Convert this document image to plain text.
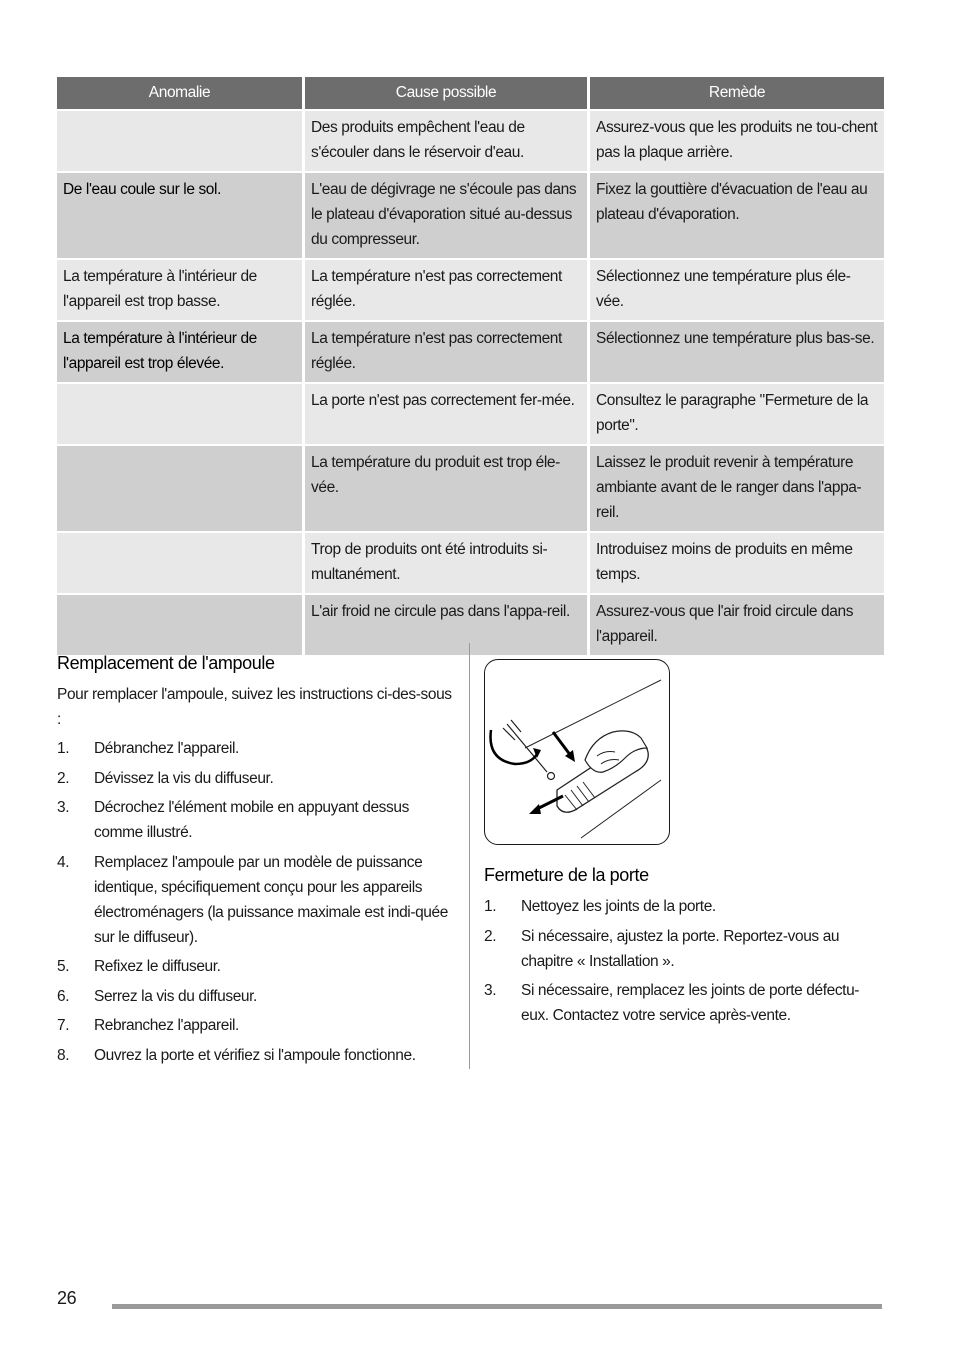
Anomalie	Cause possible	Remède
	Des produits empêchent l'eau de s'écouler dans le réservoir d'eau.	Assurez-vous que les produits ne tou-chent pas la plaque arrière.
De l'eau coule sur le sol.	L'eau de dégivrage ne s'écoule pas dans le plateau d'évaporation situé au-dessus du compresseur.	Fixez la gouttière d'évacuation de l'eau au plateau d'évaporation.
La température à l'intérieur de l'appareil est trop basse.	La température n'est pas correctement réglée.	Sélectionnez une température plus éle-vée.
La température à l'intérieur de l'appareil est trop élevée.	La température n'est pas correctement réglée.	Sélectionnez une température plus bas-se.
	La porte n'est pas correctement fer-mée.	Consultez le paragraphe "Fermeture de la porte".
	La température du produit est trop éle-vée.	Laissez le produit revenir à température ambiante avant de le ranger dans l'appa-reil.
	Trop de produits ont été introduits si-multanément.	Introduisez moins de produits en même temps.
	L'air froid ne circule pas dans l'appa-reil.	Assurez-vous que l'air froid circule dans l'appareil.
Remplacement de l'ampoule

Pour remplacer l'ampoule, suivez les instructions ci-des-sous :

1. Débranchez l'appareil.
2. Dévissez la vis du diffuseur.
3. Décrochez l'élément mobile en appuyant dessus comme illustré.
4. Remplacez l'ampoule par un modèle de puissance identique, spécifiquement conçu pour les appareils électroménagers (la puissance maximale est indi-quée sur le diffuseur).
5. Refixez le diffuseur.
6. Serrez la vis du diffuseur.
7. Rebranchez l'appareil.
8. Ouvrez la porte et vérifiez si l'ampoule fonctionne.
Fermeture de la porte
1. Nettoyez les joints de la porte.
2. Si nécessaire, ajustez la porte. Reportez-vous au chapitre « Installation ».
3. Si nécessaire, remplacez les joints de porte défectu-eux. Contactez votre service après-vente.
26
